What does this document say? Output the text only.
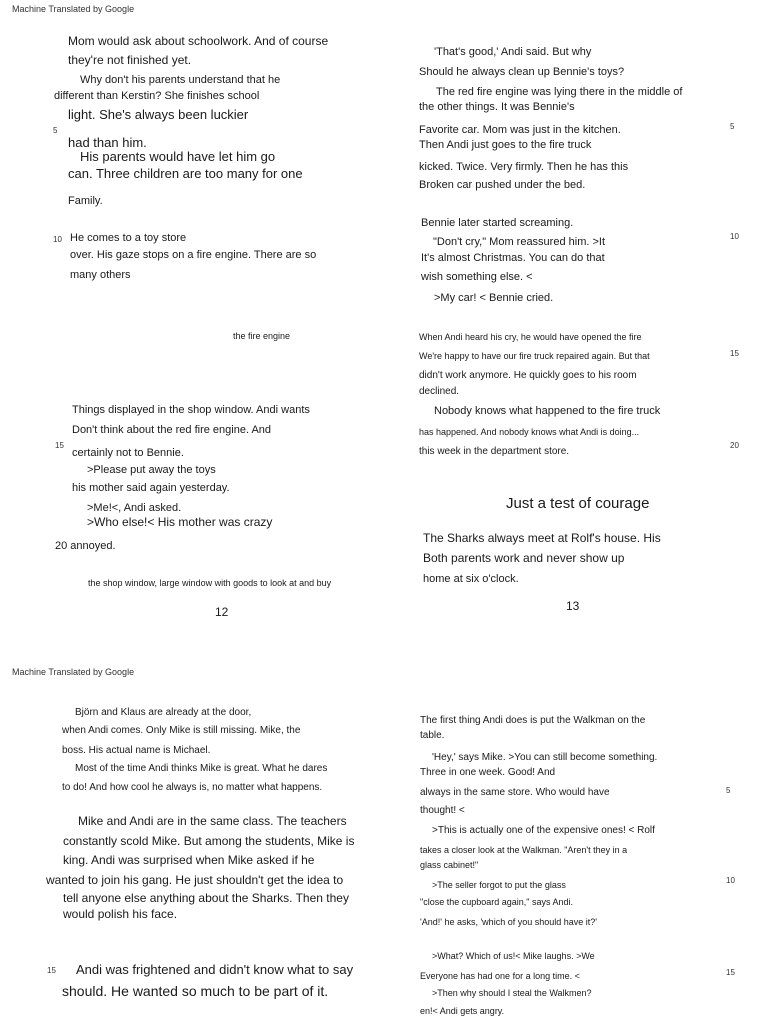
Machine Translated by Google
Mom would ask about schoolwork. And of course
they're not finished yet.
Why don't his parents understand that he
different than Kerstin? She finishes school
light. She's always been luckier
5
had than him.
His parents would have let him go
can. Three children are too many for one
Family.
10 He comes to a toy store
over. His gaze stops on a fire engine. There are so
many others
the fire engine
Things displayed in the shop window. Andi wants
Don't think about the red fire engine. And
15
certainly not to Bennie.
>Please put away the toys
his mother said again yesterday.
>Me!<, Andi asked.
>Who else!< His mother was crazy
20 annoyed.
the shop window, large window with goods to look at and buy
12
'That's good,' Andi said. But why
Should he always clean up Bennie's toys?
The red fire engine was lying there in the middle of
the other things. It was Bennie's
Favorite car. Mom was just in the kitchen.	5
Then Andi just goes to the fire truck
kicked. Twice. Very firmly. Then he has this
Broken car pushed under the bed.
Bennie later started screaming.
"Don't cry," Mom reassured him. >It	10
It's almost Christmas. You can do that
wish something else. <
>My car! < Bennie cried.
When Andi heard his cry, he would have opened the fire
We're happy to have our fire truck repaired again. But that	15
didn't work anymore. He quickly goes to his room
declined.
Nobody knows what happened to the fire truck
has happened. And nobody knows what Andi is doing...
20
this week in the department store.
Just a test of courage
The Sharks always meet at Rolf's house. His
Both parents work and never show up
home at six o'clock.
13
Machine Translated by Google
Björn and Klaus are already at the door,
when Andi comes. Only Mike is still missing. Mike, the
boss. His actual name is Michael.
Most of the time Andi thinks Mike is great. What he dares
to do! And how cool he always is, no matter what happens.
Mike and Andi are in the same class. The teachers
constantly scold Mike. But among the students, Mike is
king. Andi was surprised when Mike asked if he
wanted to join his gang. He just shouldn't get the idea to
tell anyone else anything about the Sharks. Then they
would polish his face.
15 Andi was frightened and didn't know what to say
should. He wanted so much to be part of it.
The first thing Andi does is put the Walkman on the
table.
'Hey,' says Mike. >You can still become something.
Three in one week. Good! And
always in the same store. Who would have	5
thought! <
>This is actually one of the expensive ones! < Rolf
takes a closer look at the Walkman. "Aren't they in a
glass cabinet!"
>The seller forgot to put the glass	10
"close the cupboard again," says Andi.
'And!' he asks, 'which of you should have it?'
>What? Which of us!< Mike laughs. >We
Everyone has had one for a long time. <	15
>Then why should I steal the Walkmen?
en!< Andi gets angry.
